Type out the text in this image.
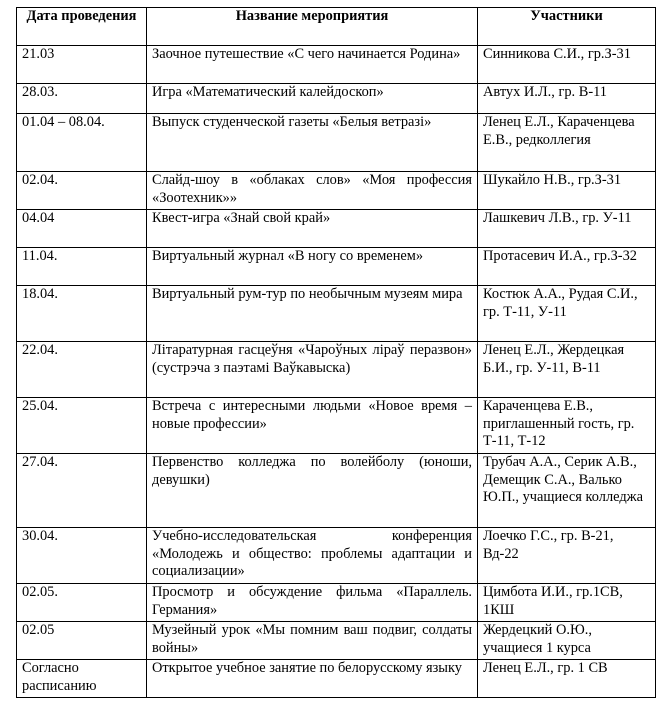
Дата проведения	Название мероприятия	Участники
21.03	Заочное путешествие «С чего начинается Родина»	Синникова С.И., гр.З-31
28.03.	Игра «Математический калейдоскоп»	Автух И.Л., гр. В-11
01.04 – 08.04.	Выпуск студенческой газеты «Белыя ветразі»	Ленец Е.Л., Караченцева Е.В., редколлегия
02.04.	Слайд-шоу в «облаках слов» «Моя профессия «Зоотехник»»	Шукайло Н.В., гр.З-31
04.04	Квест-игра «Знай свой край»	Лашкевич Л.В., гр. У-11
11.04.	Виртуальный журнал «В ногу со временем»	Протасевич И.А., гр.З-32
18.04.	Виртуальный рум-тур по необычным музеям мира	Костюк А.А., Рудая С.И., гр. Т-11, У-11
22.04.	Літаратурная гасцеўня «Чароўных ліраў перазвон» (сустрэча з паэтамі Ваўкавыска)	Ленец Е.Л., Жердецкая Б.И., гр. У-11, В-11
25.04.	Встреча с интересными людьми «Новое время – новые профессии»	Караченцева Е.В., приглашенный гость, гр. Т-11, Т-12
27.04.	Первенство колледжа по волейболу (юноши, девушки)	Трубач А.А., Серик А.В., Демещик С.А., Валько Ю.П., учащиеся колледжа
30.04.	Учебно-исследовательская конференция «Молодежь и общество: проблемы адаптации и социализации»	Лоечко Г.С., гр. В-21, Вд-22
02.05.	Просмотр и обсуждение фильма «Параллель. Германия»	Цимбота И.И., гр.1СВ, 1КШ
02.05	Музейный урок «Мы помним ваш подвиг, солдаты войны»	Жердецкий О.Ю., учащиеся 1 курса
Согласно расписанию	Открытое учебное занятие по белорусскому языку	Ленец Е.Л., гр. 1 СВ
